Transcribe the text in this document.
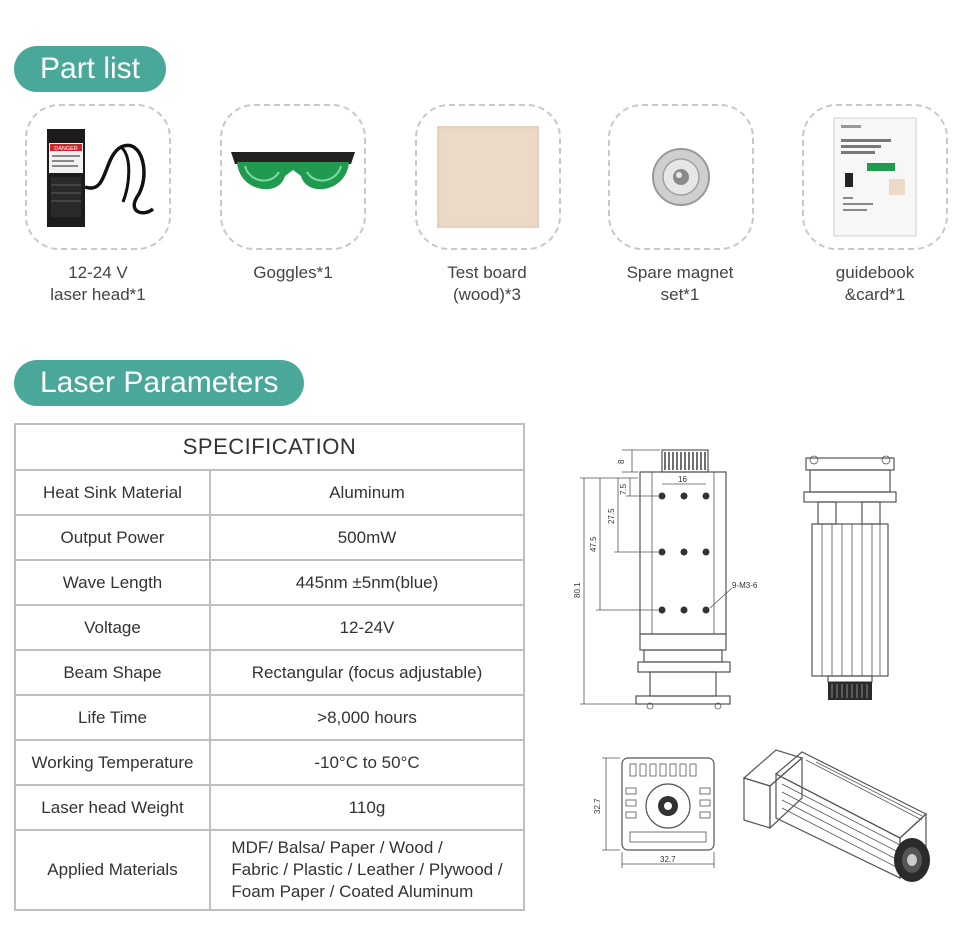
Part list
DANGER
12-24 V
laser head*1
Goggles*1	Test board
(wood)*3
Spare magnet
set*1
guidebook
&card*1
Laser Parameters
SPECIFICATION	
Heat Sink Material	Aluminum
Output Power	500mW
Wave Length	445nm ±5nm(blue)
Voltage	12-24V
Beam Shape	Rectangular (focus adjustable)
Life Time	>8,000 hours
Working Temperature	-10°C to 50°C
Laser head Weight	110g
Applied Materials	MDF/ Balsa/ Paper / Wood /
Fabric / Plastic / Leather / Plywood /
Foam Paper / Coated Aluminum
8
7.5
16
27.5
47.5
80.1	9-M3-6
32.7
32.7
